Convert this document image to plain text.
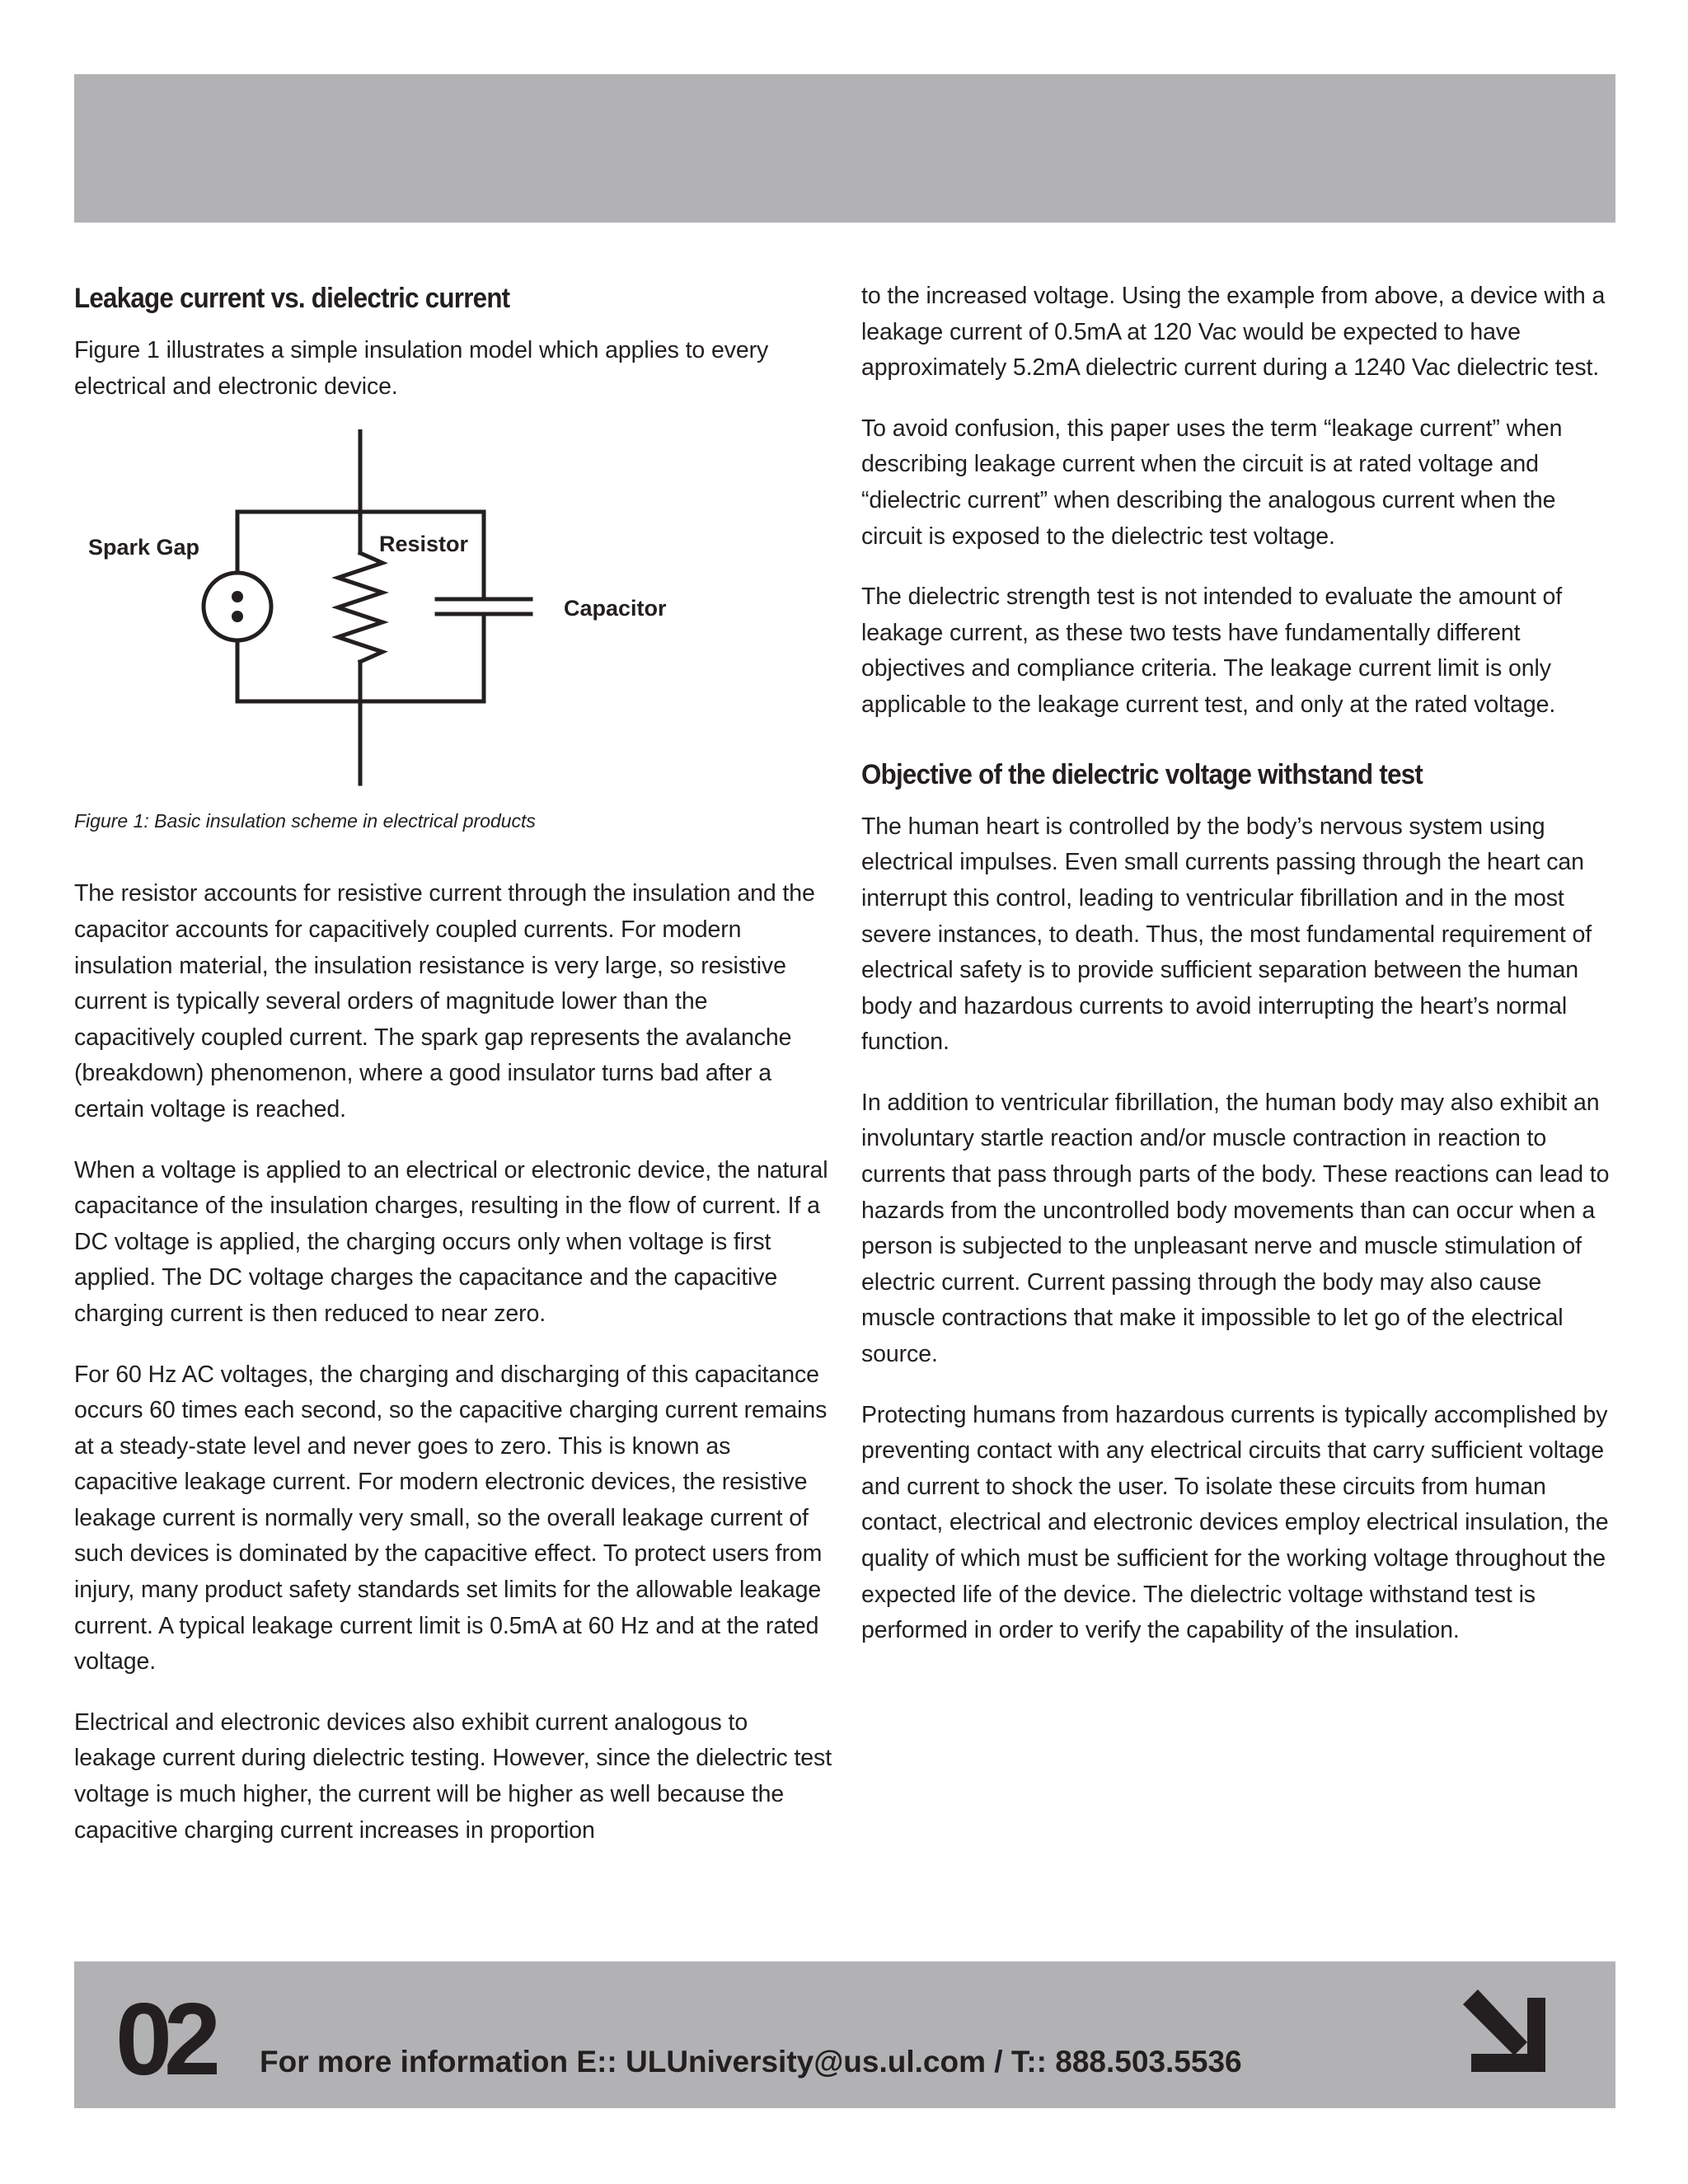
Leakage current vs. dielectric current

Figure 1 illustrates a simple insulation model which applies to every electrical and electronic device.

Spark Gap	Resistor
Capacitor
Figure 1: Basic insulation scheme in electrical products

The resistor accounts for resistive current through the insulation and the capacitor accounts for capacitively coupled currents. For modern insulation material, the insulation resistance is very large, so resistive current is typically several orders of magnitude lower than the capacitively coupled current. The spark gap represents the avalanche (breakdown) phenomenon, where a good insulator turns bad after a certain voltage is reached.

When a voltage is applied to an electrical or electronic device, the natural capacitance of the insulation charges, resulting in the flow of current. If a DC voltage is applied, the charging occurs only when voltage is first applied. The DC voltage charges the capacitance and the capacitive charging current is then reduced to near zero.

For 60 Hz AC voltages, the charging and discharging of this capacitance occurs 60 times each second, so the capacitive charging current remains at a steady-state level and never goes to zero. This is known as capacitive leakage current. For modern electronic devices, the resistive leakage current is normally very small, so the overall leakage current of such devices is dominated by the capacitive effect. To protect users from injury, many product safety standards set limits for the allowable leakage current. A typical leakage current limit is 0.5mA at 60 Hz and at the rated voltage.

Electrical and electronic devices also exhibit current analogous to leakage current during dielectric testing. However, since the dielectric test voltage is much higher, the current will be higher as well because the capacitive charging current increases in proportion

to the increased voltage. Using the example from above, a device with a leakage current of 0.5mA at 120 Vac would be expected to have approximately 5.2mA dielectric current during a 1240 Vac dielectric test.

To avoid confusion, this paper uses the term “leakage current” when describing leakage current when the circuit is at rated voltage and “dielectric current” when describing the analogous current when the circuit is exposed to the dielectric test voltage.

The dielectric strength test is not intended to evaluate the amount of leakage current, as these two tests have fundamentally different objectives and compliance criteria. The leakage current limit is only applicable to the leakage current test, and only at the rated voltage.

Objective of the dielectric voltage withstand test

The human heart is controlled by the body’s nervous system using electrical impulses. Even small currents passing through the heart can interrupt this control, leading to ventricular fibrillation and in the most severe instances, to death. Thus, the most fundamental requirement of electrical safety is to provide sufficient separation between the human body and hazardous currents to avoid interrupting the heart’s normal function.

In addition to ventricular fibrillation, the human body may also exhibit an involuntary startle reaction and/or muscle contraction in reaction to currents that pass through parts of the body. These reactions can lead to hazards from the uncontrolled body movements than can occur when a person is subjected to the unpleasant nerve and muscle stimulation of electric current. Current passing through the body may also cause muscle contractions that make it impossible to let go of the electrical source.

Protecting humans from hazardous currents is typically accomplished by preventing contact with any electrical circuits that carry sufficient voltage and current to shock the user. To isolate these circuits from human contact, electrical and electronic devices employ electrical insulation, the quality of which must be sufficient for the working voltage throughout the expected life of the device. The dielectric voltage withstand test is performed in order to verify the capability of the insulation.

02 For more information E:: ULUniversity@us.ul.com / T:: 888.503.5536
